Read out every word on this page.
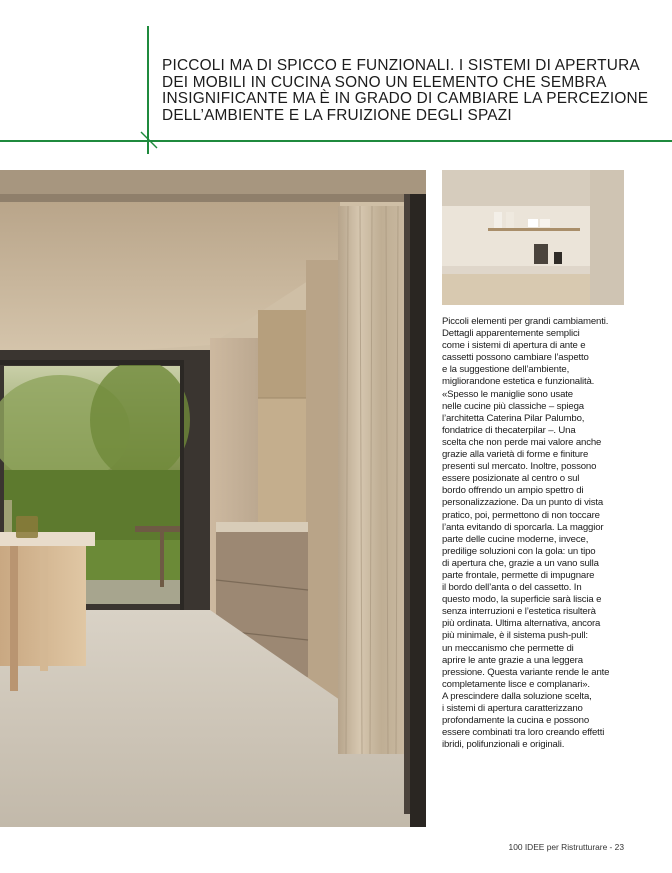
PICCOLI MA DI SPICCO E FUNZIONALI. I SISTEMI DI APERTURA
DEI MOBILI IN CUCINA SONO UN ELEMENTO CHE SEMBRA
INSIGNIFICANTE MA È IN GRADO DI CAMBIARE LA PERCEZIONE
DELL’AMBIENTE E LA FRUIZIONE DEGLI SPAZI

Piccoli elementi per grandi cambiamenti.
Dettagli apparentemente semplici
come i sistemi di apertura di ante e
cassetti possono cambiare l’aspetto
e la suggestione dell’ambiente,
migliorandone estetica e funzionalità.
«Spesso le maniglie sono usate
nelle cucine più classiche – spiega
l’architetta Caterina Pilar Palumbo,
fondatrice di thecaterpilar –. Una
scelta che non perde mai valore anche
grazie alla varietà di forme e finiture
presenti sul mercato. Inoltre, possono
essere posizionate al centro o sul
bordo offrendo un ampio spettro di
personalizzazione. Da un punto di vista
pratico, poi, permettono di non toccare
l’anta evitando di sporcarla. La maggior
parte delle cucine moderne, invece,
predilige soluzioni con la gola: un tipo
di apertura che, grazie a un vano sulla
parte frontale, permette di impugnare
il bordo dell’anta o del cassetto. In
questo modo, la superficie sarà liscia e
senza interruzioni e l’estetica risulterà
più ordinata. Ultima alternativa, ancora
più minimale, è il sistema push-pull:
un meccanismo che permette di
aprire le ante grazie a una leggera
pressione. Questa variante rende le ante
completamente lisce e complanari».
A prescindere dalla soluzione scelta,
i sistemi di apertura caratterizzano
profondamente la cucina e possono
essere combinati tra loro creando effetti
ibridi, polifunzionali e originali.

100 IDEE per Ristrutturare - 23
